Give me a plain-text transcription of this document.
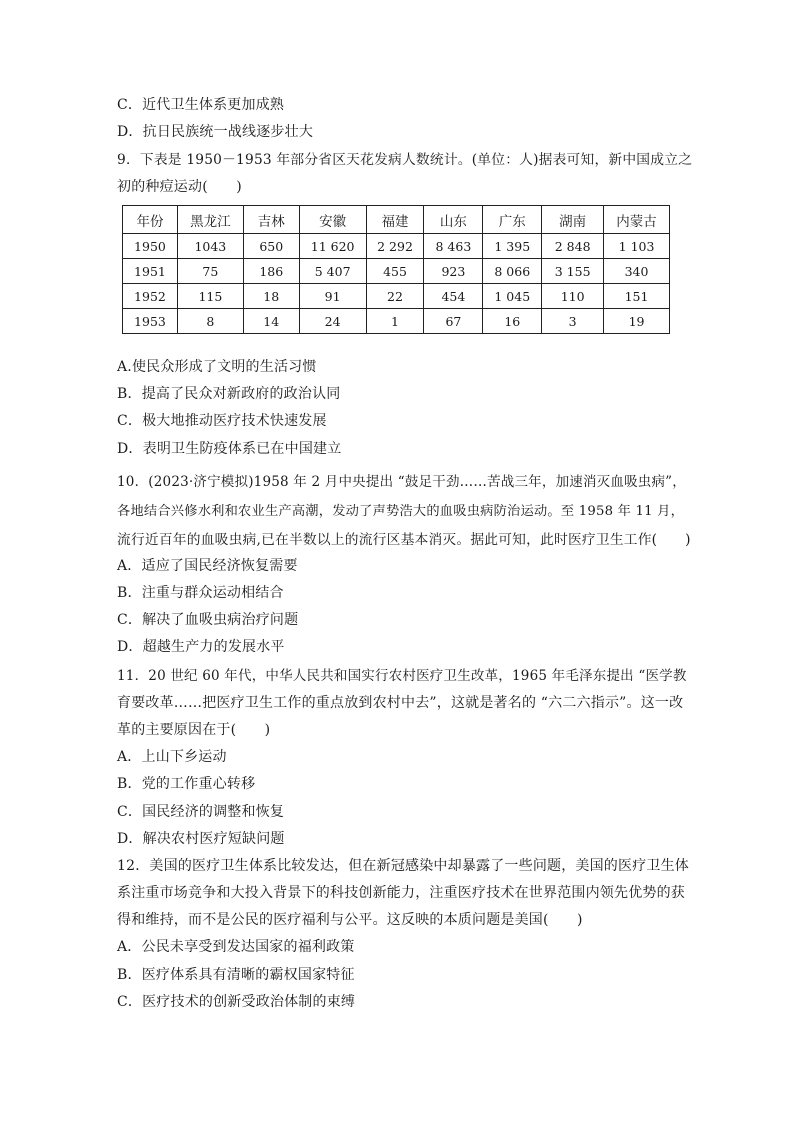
C．近代卫生体系更加成熟
D．抗日民族统一战线逐步壮大
9．下表是 1950－1953 年部分省区天花发病人数统计。(单位：人)据表可知，新中国成立之
初的种痘运动(　　)
年份	黑龙江	吉林	安徽	福建	山东	广东	湖南	内蒙古
1950	1043	650	11 620	2 292	8 463	1 395	2 848	1 103
1951	75	186	5 407	455	923	8 066	3 155	340
1952	115	18	91	22	454	1 045	110	151
1953	8	14	24	1	67	16	3	19
A.使民众形成了文明的生活习惯
B．提高了民众对新政府的政治认同
C．极大地推动医疗技术快速发展
D．表明卫生防疫体系已在中国建立
10．(2023·济宁模拟)1958 年 2 月中央提出 “鼓足干劲……苦战三年，加速消灭血吸虫病”，
各地结合兴修水利和农业生产高潮，发动了声势浩大的血吸虫病防治运动。至 1958 年 11 月，
流行近百年的血吸虫病,已在半数以上的流行区基本消灭。据此可知，此时医疗卫生工作(　　)
A．适应了国民经济恢复需要
B．注重与群众运动相结合
C．解决了血吸虫病治疗问题
D．超越生产力的发展水平
11．20 世纪 60 年代，中华人民共和国实行农村医疗卫生改革，1965 年毛泽东提出 “医学教
育要改革……把医疗卫生工作的重点放到农村中去”，这就是著名的 “六二六指示”。这一改
革的主要原因在于(　　)
A．上山下乡运动
B．党的工作重心转移
C．国民经济的调整和恢复
D．解决农村医疗短缺问题
12．美国的医疗卫生体系比较发达，但在新冠感染中却暴露了一些问题，美国的医疗卫生体
系注重市场竞争和大投入背景下的科技创新能力，注重医疗技术在世界范围内领先优势的获
得和维持，而不是公民的医疗福利与公平。这反映的本质问题是美国(　　)
A．公民未享受到发达国家的福利政策
B．医疗体系具有清晰的霸权国家特征
C．医疗技术的创新受政治体制的束缚
